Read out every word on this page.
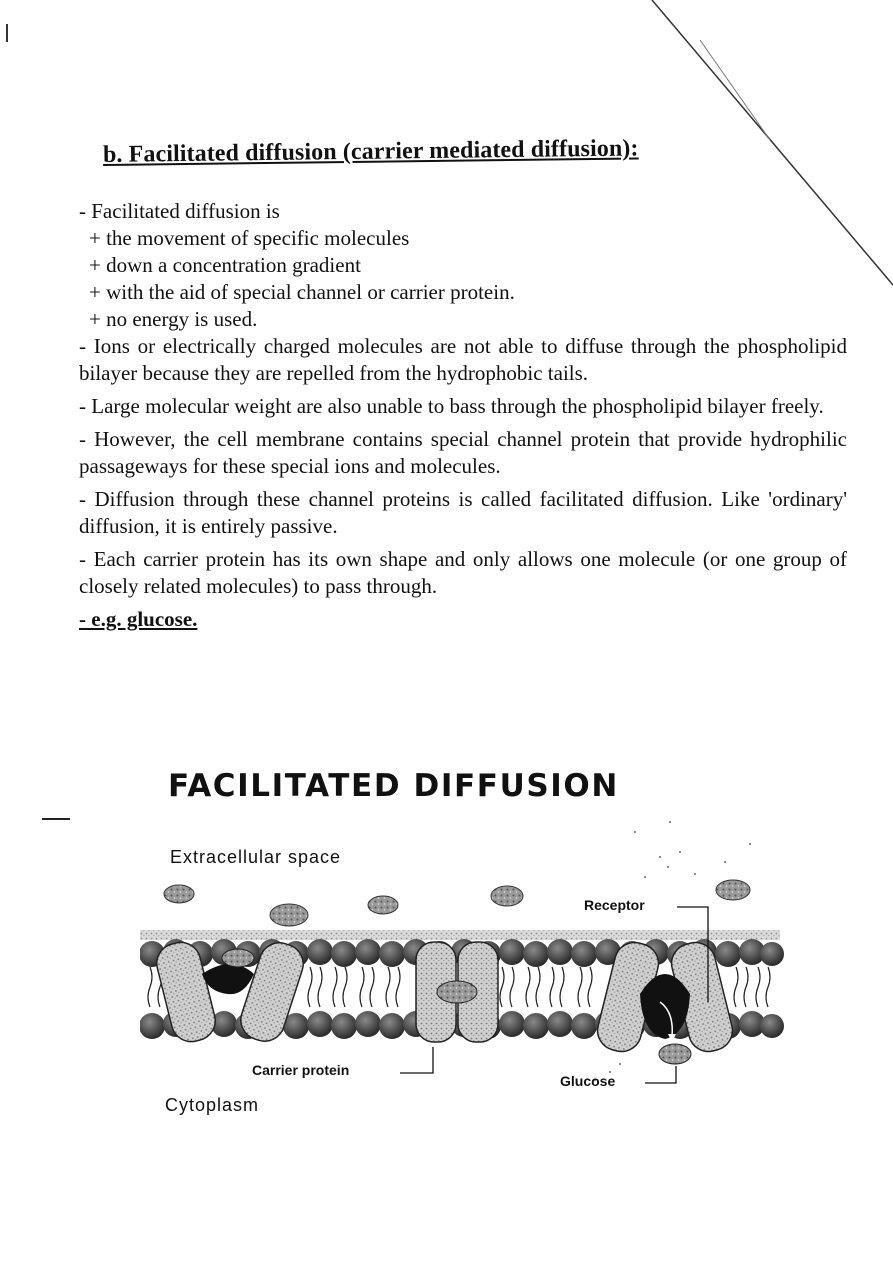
b. Facilitated diffusion (carrier mediated diffusion):

- Facilitated diffusion is

+ the movement of specific molecules

+ down a concentration gradient

+ with the aid of special channel or carrier protein.

+ no energy is used.

- Ions or electrically charged molecules are not able to diffuse through the phospholipid bilayer because they are repelled from the hydrophobic tails.

- Large molecular weight are also unable to bass through the phospholipid bilayer freely.

- However, the cell membrane contains special channel protein that provide hydrophilic passageways for these special ions and molecules.

- Diffusion through these channel proteins is called facilitated diffusion. Like 'ordinary' diffusion, it is entirely passive.

- Each carrier protein has its own shape and only allows one molecule (or one group of closely related molecules) to pass through.

- e.g. glucose.

FACILITATED DIFFUSION

Extracellular space

Receptor

Carrier protein

Glucose

Cytoplasm
